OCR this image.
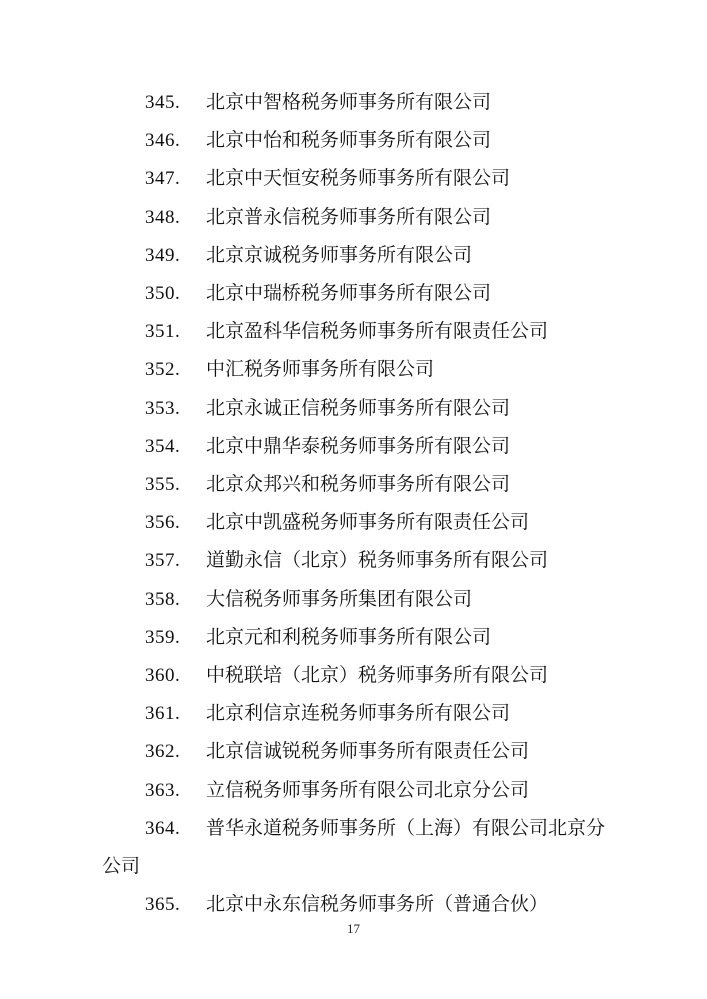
345. 北京中智格税务师事务所有限公司
346. 北京中怡和税务师事务所有限公司
347. 北京中天恒安税务师事务所有限公司
348. 北京普永信税务师事务所有限公司
349. 北京京诚税务师事务所有限公司
350. 北京中瑞桥税务师事务所有限公司
351. 北京盈科华信税务师事务所有限责任公司
352. 中汇税务师事务所有限公司
353. 北京永诚正信税务师事务所有限公司
354. 北京中鼎华泰税务师事务所有限公司
355. 北京众邦兴和税务师事务所有限公司
356. 北京中凯盛税务师事务所有限责任公司
357. 道勤永信（北京）税务师事务所有限公司
358. 大信税务师事务所集团有限公司
359. 北京元和利税务师事务所有限公司
360. 中税联培（北京）税务师事务所有限公司
361. 北京利信京连税务师事务所有限公司
362. 北京信诚锐税务师事务所有限责任公司
363. 立信税务师事务所有限公司北京分公司
364. 普华永道税务师事务所（上海）有限公司北京分公司
365. 北京中永东信税务师事务所（普通合伙）
17
